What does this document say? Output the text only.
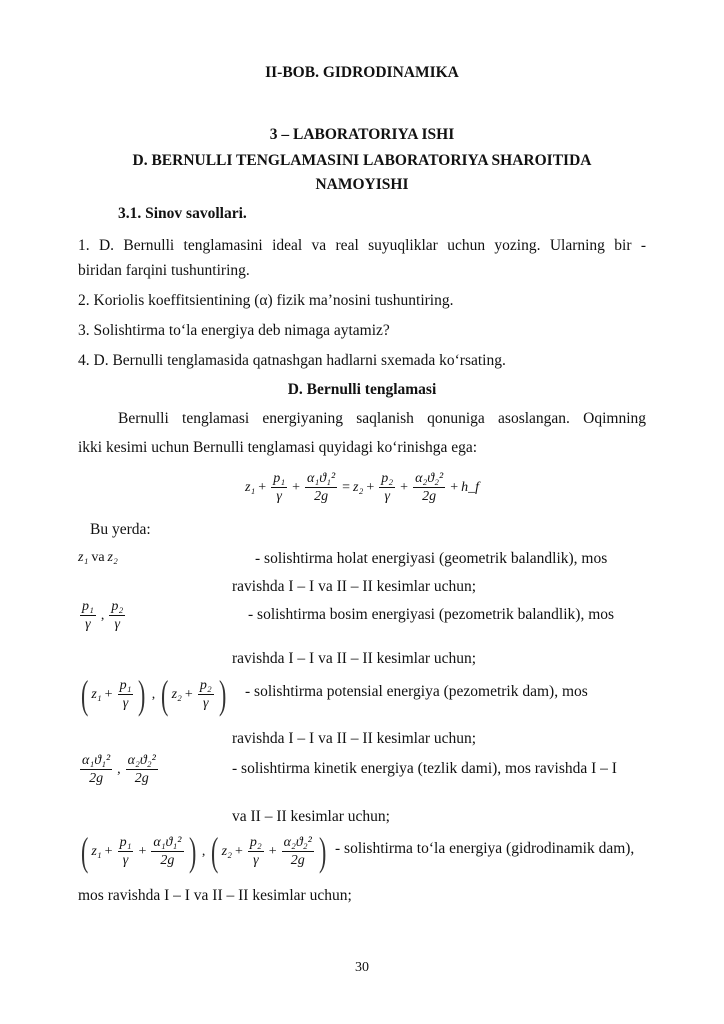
II-BOB. GIDRODINAMIKA
3 – LABORATORIYA ISHI
D. BERNULLI TENGLAMASINI LABORATORIYA SHAROITIDA
NAMOYISHI
3.1. Sinov savollari.
1. D. Bernulli tenglamasini ideal va real suyuqliklar uchun yozing. Ularning bir -
biridan farqini tushuntiring.
2. Koriolis koeffitsientining (α) fizik ma’nosini tushuntiring.
3. Solishtirma to‘la energiya deb nimaga aytamiz?
4. D. Bernulli tenglamasida qatnashgan hadlarni sxemada ko‘rsating.
D. Bernulli tenglamasi
Bernulli tenglamasi energiyaning saqlanish qonuniga asoslangan. Oqimning
ikki kesimi uchun Bernulli tenglamasi quyidagi ko‘rinishga ega:
$z_1 + \frac{\text{p₁}}{\gamma} + \frac{\text{α₁ϑ₁²}}{2g} = z_2 + \frac{\text{p₂}}{\gamma} + \frac{\text{α₂ϑ₂²}}{2g}$ + h_f
Bu yerda:
z₁ va z₂	- solishtirma holat energiyasi (geometrik balandlik), mos
ravishda I – I va II – II kesimlar uchun;
$\frac{\text{p₁}}{\gamma}$ , $\frac{\text{p₂}}{\gamma}$	- solishtirma bosim energiyasi (pezometrik balandlik), mos
ravishda I – I va II – II kesimlar uchun;
( $z_1 + \frac{\text{p₁}}{\gamma}$ ) , ( $z_2 + \frac{\text{p₂}}{\gamma}$ ) - solishtirma potensial energiya (pezometrik dam), mos
ravishda I – I va II – II kesimlar uchun;
$\frac{\text{α₁ϑ₁²}}{2g}$ , $\frac{\text{α₂ϑ₂²}}{2g}$	- solishtirma kinetik energiya (tezlik dami), mos ravishda I – I
va II – II kesimlar uchun;
( $z_1 + \frac{\text{p₁}}{\gamma} + \frac{\text{α₁ϑ₁²}}{2g}$ ) , ( $z_2 + \frac{\text{p₂}}{\gamma} + \frac{\text{α₂ϑ₂²}}{2g}$ ) - solishtirma to‘la energiya (gidrodinamik dam),
mos ravishda I – I va II – II kesimlar uchun;
30
